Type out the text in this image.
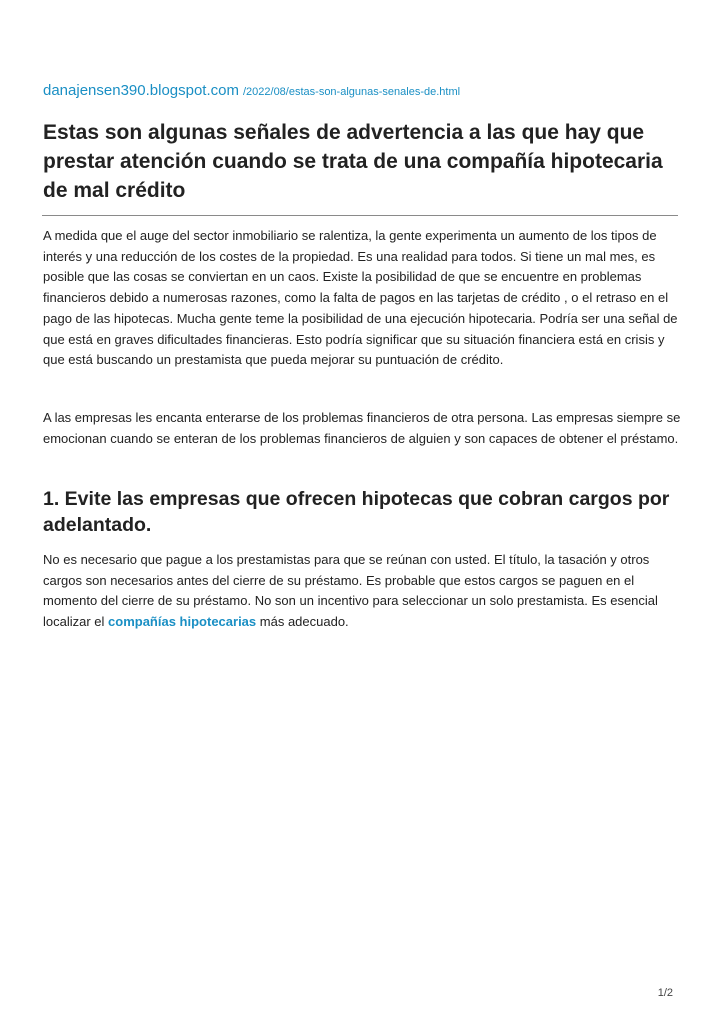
danajensen390.blogspot.com /2022/08/estas-son-algunas-senales-de.html
Estas son algunas señales de advertencia a las que hay que prestar atención cuando se trata de una compañía hipotecaria de mal crédito

A medida que el auge del sector inmobiliario se ralentiza, la gente experimenta un aumento de los tipos de interés y una reducción de los costes de la propiedad. Es una realidad para todos. Si tiene un mal mes, es posible que las cosas se conviertan en un caos. Existe la posibilidad de que se encuentre en problemas financieros debido a numerosas razones, como la falta de pagos en las tarjetas de crédito , o el retraso en el pago de las hipotecas. Mucha gente teme la posibilidad de una ejecución hipotecaria. Podría ser una señal de que está en graves dificultades financieras. Esto podría significar que su situación financiera está en crisis y que está buscando un prestamista que pueda mejorar su puntuación de crédito.

A las empresas les encanta enterarse de los problemas financieros de otra persona. Las empresas siempre se emocionan cuando se enteran de los problemas financieros de alguien y son capaces de obtener el préstamo.

1. Evite las empresas que ofrecen hipotecas que cobran cargos por adelantado.

No es necesario que pague a los prestamistas para que se reúnan con usted. El título, la tasación y otros cargos son necesarios antes del cierre de su préstamo. Es probable que estos cargos se paguen en el momento del cierre de su préstamo. No son un incentivo para seleccionar un solo prestamista. Es esencial localizar el compañías hipotecarias más adecuado.

1/2
